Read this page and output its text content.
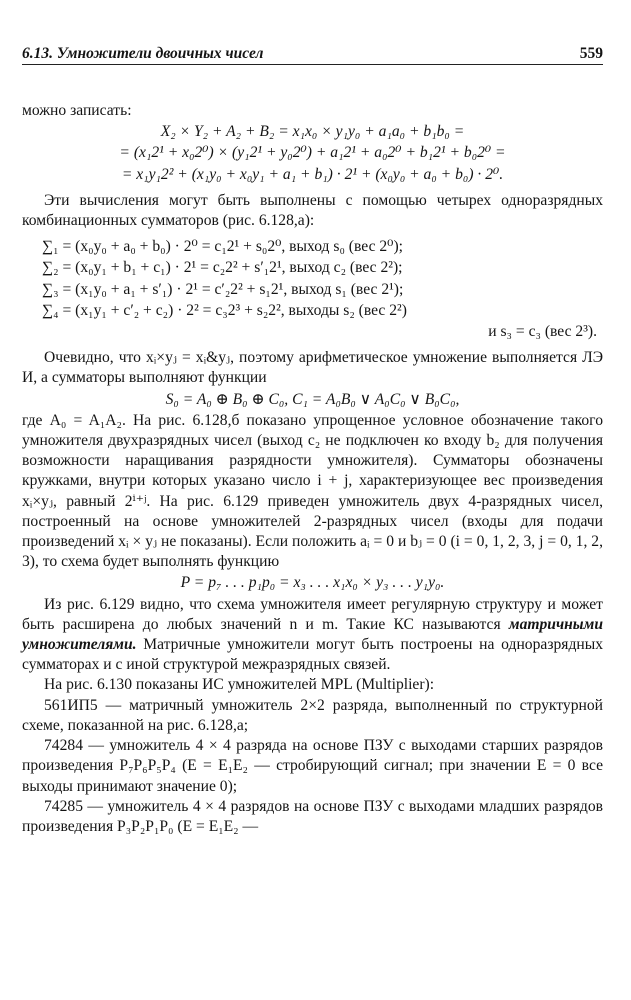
6.13. Умножители двоичных чисел	559

можно записать:

X₂ × Y₂ + A₂ + B₂ = x₁x₀ × y₁y₀ + a₁a₀ + b₁b₀ =
= (x₁2¹ + x₀2⁰) × (y₁2¹ + y₀2⁰) + a₁2¹ + a₀2⁰ + b₁2¹ + b₀2⁰ =
= x₁y₁2² + (x₁y₀ + x₀y₁ + a₁ + b₁) · 2¹ + (x₀y₀ + a₀ + b₀) · 2⁰.

Эти вычисления могут быть выполнены с помощью четырех одноразрядных комбинационных сумматоров (рис. 6.128,а):

∑₁ = (x₀y₀ + a₀ + b₀) · 2⁰ = c₁2¹ + s₀2⁰, выход s₀ (вес 2⁰);
∑₂ = (x₀y₁ + b₁ + c₁) · 2¹ = c₂2² + s′₁2¹, выход c₂ (вес 2²);
∑₃ = (x₁y₀ + a₁ + s′₁) · 2¹ = c′₂2² + s₁2¹, выход s₁ (вес 2¹);
∑₄ = (x₁y₁ + c′₂ + c₂) · 2² = c₃2³ + s₂2², выходы s₂ (вес 2²)
и s₃ = c₃ (вес 2³).

Очевидно, что xᵢ×yⱼ = xᵢ&yⱼ, поэтому арифметическое умножение выполняется ЛЭ И, а сумматоры выполняют функции

S₀ = A₀ ⊕ B₀ ⊕ C₀, C₁ = A₀B₀ ∨ A₀C₀ ∨ B₀C₀,

где A₀ = A₁A₂. На рис. 6.128,б показано упрощенное условное обозначение такого умножителя двухразрядных чисел (выход c₂ не подключен ко входу b₂ для получения возможности наращивания разрядности умножителя). Сумматоры обозначены кружками, внутри которых указано число i + j, характеризующее вес произведения xᵢ×yⱼ, равный 2ⁱ⁺ʲ. На рис. 6.129 приведен умножитель двух 4-разрядных чисел, построенный на основе умножителей 2-разрядных чисел (входы для подачи произведений xᵢ × yⱼ не показаны). Если положить aᵢ = 0 и bⱼ = 0 (i = 0, 1, 2, 3, j = 0, 1, 2, 3), то схема будет выполнять функцию

P = p₇ . . . p₁p₀ = x₃ . . . x₁x₀ × y₃ . . . y₁y₀.

Из рис. 6.129 видно, что схема умножителя имеет регулярную структуру и может быть расширена до любых значений n и m. Такие КС называются матричными умножителями. Матричные умножители могут быть построены на одноразрядных сумматорах и с иной структурой межразрядных связей.

На рис. 6.130 показаны ИС умножителей MPL (Multiplier):

561ИП5 — матричный умножитель 2×2 разряда, выполненный по структурной схеме, показанной на рис. 6.128,а;

74284 — умножитель 4 × 4 разряда на основе ПЗУ с выходами старших разрядов произведения P₇P₆P₅P₄ (E = E₁E₂ — стробирующий сигнал; при значении E = 0 все выходы принимают значение 0);

74285 — умножитель 4 × 4 разрядов на основе ПЗУ с выходами младших разрядов произведения P₃P₂P₁P₀ (E = E₁E₂ —
